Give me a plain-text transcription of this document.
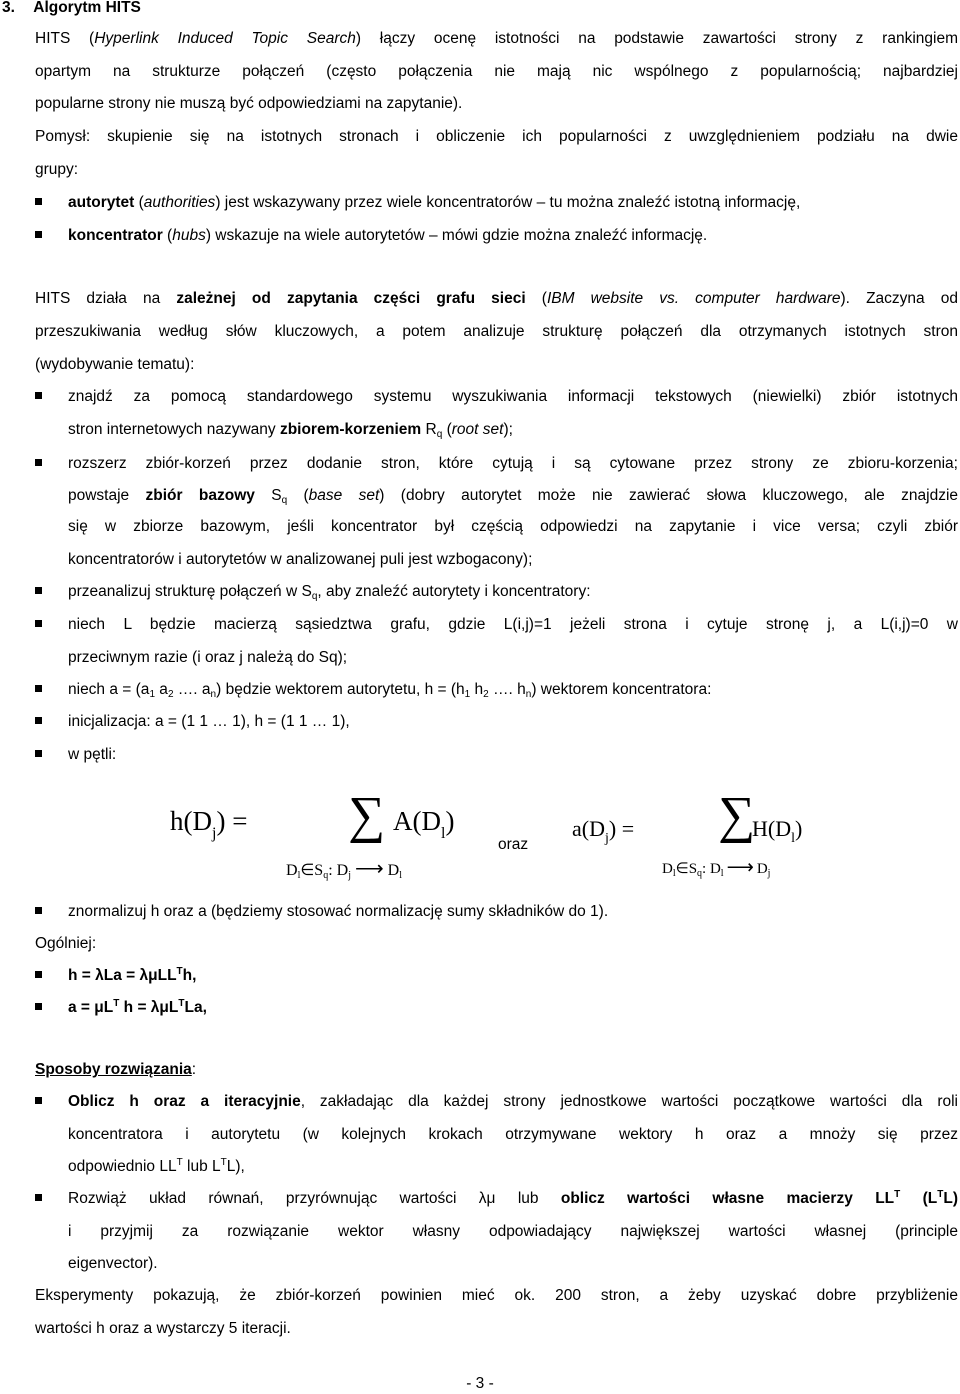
3. Algorytm HITS
HITS (Hyperlink Induced Topic Search) łączy ocenę istotności na podstawie zawartości strony z rankingiem
opartym na strukturze połączeń (często połączenia nie mają nic wspólnego z popularnością; najbardziej
popularne strony nie muszą być odpowiedziami na zapytanie).
Pomysł: skupienie się na istotnych stronach i obliczenie ich popularności z uwzględnieniem podziału na dwie
grupy:
autorytet (authorities) jest wskazywany przez wiele koncentratorów – tu można znaleźć istotną informację,
koncentrator (hubs) wskazuje na wiele autorytetów – mówi gdzie można znaleźć informację.
HITS działa na zależnej od zapytania części grafu sieci (IBM website vs. computer hardware). Zaczyna od
przeszukiwania według słów kluczowych, a potem analizuje strukturę połączeń dla otrzymanych istotnych stron
(wydobywanie tematu):
znajdź za pomocą standardowego systemu wyszukiwania informacji tekstowych (niewielki) zbiór istotnych
stron internetowych nazywany zbiorem-korzeniem $R_q$ (root set);
rozszerz zbiór-korzeń przez dodanie stron, które cytują i są cytowane przez strony ze zbioru-korzenia;
powstaje zbiór bazowy $S_q$ (base set) (dobry autorytet może nie zawierać słowa kluczowego, ale znajdzie
się w zbiorze bazowym, jeśli koncentrator był częścią odpowiedzi na zapytanie i vice versa; czyli zbiór
koncentratorów i autorytetów w analizowanej puli jest wzbogacony);
przeanalizuj strukturę połączeń w $S_q$, aby znaleźć autorytety i koncentratory:
niech L będzie macierzą sąsiedztwa grafu, gdzie L(i,j)=1 jeżeli strona i cytuje stronę j, a L(i,j)=0 w
przeciwnym razie (i oraz j należą do Sq);
niech $a = (a_1$ $a_2$ …. $a_n$) będzie wektorem autorytetu, $h = (h_1$ $h_2$ …. $h_n$) wektorem koncentratora:
inicjalizacja: a = (1 1 … 1), h = (1 1 … 1),
w pętli:
$h(D_j)$ = ∑ $A(D_l)$
$D_l\in S_q$: $D_j$ ⟶ $D_l$
oraz
$a(D_j)$ = ∑
$H(D_l)$
$D_l\in S_q$: $D_l$ ⟶ $D_j$
znormalizuj h oraz a (będziemy stosować normalizację sumy składników do 1).
Ogólniej:
h = λLa = λμLL$^T$h,
$a = \mu L^T$ h = λμL$^T$La,
Sposoby rozwiązania:
Oblicz h oraz a iteracyjnie, zakładając dla każdej strony jednostkowe wartości początkowe wartości dla roli
koncentratora i autorytetu (w kolejnych krokach otrzymywane wektory h oraz a mnoży się przez
odpowiednio $LL^T$ lub $L^TL$),
Rozwiąż układ równań, przyrównując wartości λμ lub oblicz wartości własne macierzy $LL^T$ $(L^TL)$
i przyjmij za rozwiązanie wektor własny odpowiadający największej wartości własnej (principle
eigenvector).
Eksperymenty pokazują, że zbiór-korzeń powinien mieć ok. 200 stron, a żeby uzyskać dobre przybliżenie
wartości h oraz a wystarczy 5 iteracji.
- 3 -
